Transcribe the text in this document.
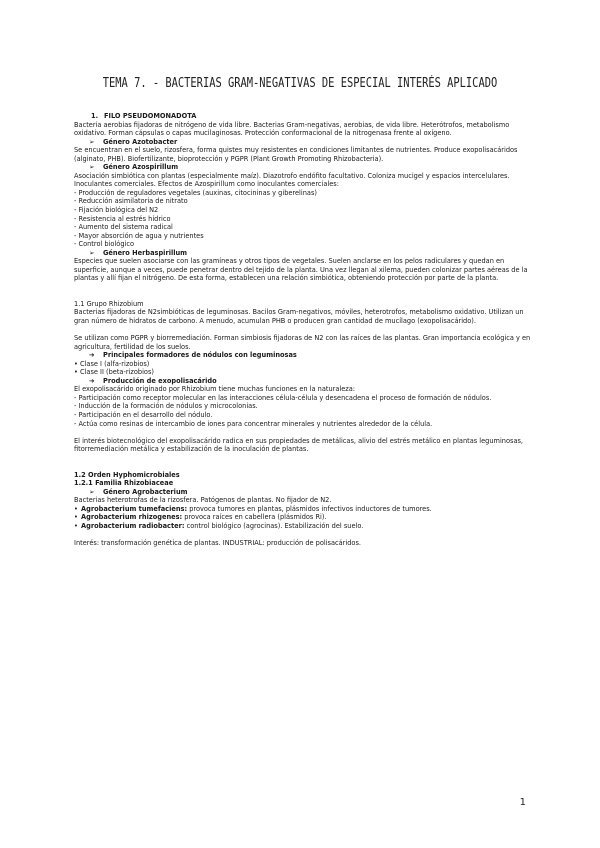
TEMA 7. - BACTERIAS GRAM-NEGATIVAS DE ESPECIAL INTERÉS APLICADO
1. FILO PSEUDOMONADOTA

Bacteria aerobias fijadoras de nitrógeno de vida libre. Bacterias Gram-negativas, aerobias, de vida libre. Heterótrofos, metabolismo oxidativo. Forman cápsulas o capas mucilaginosas. Protección conformacional de la nitrogenasa frente al oxígeno.

➢ Género Azotobacter

Se encuentran en el suelo, rizosfera, forma quistes muy resistentes en condiciones limitantes de nutrientes. Produce exopolisacáridos (alginato, PHB). Biofertilizante, bioprotección y PGPR (Plant Growth Promoting Rhizobacteria).

➢ Género Azospirillum

Asociación simbiótica con plantas (especialmente maíz). Diazotrofo endófito facultativo. Coloniza mucigel y espacios intercelulares. Inoculantes comerciales. Efectos de Azospirillum como inoculantes comerciales:

- Producción de reguladores vegetales (auxinas, citocininas y giberelinas)
- Reducción asimilatoria de nitrato
- Fijación biológica del N2
- Resistencia al estrés hídrico
- Aumento del sistema radical
- Mayor absorción de agua y nutrientes
- Control biológico
➢ Género Herbaspirillum

Especies que suelen asociarse con las gramíneas y otros tipos de vegetales. Suelen anclarse en los pelos radiculares y quedan en superficie, aunque a veces, puede penetrar dentro del tejido de la planta. Una vez llegan al xilema, pueden colonizar partes aéreas de la plantas y allí fijan el nitrógeno. De esta forma, establecen una relación simbiótica, obteniendo protección por parte de la planta.

1.1 Grupo Rhizobium

Bacterias fijadoras de N2simbióticas de leguminosas. Bacilos Gram-negativos, móviles, heterotrofos, metabolismo oxidativo. Utilizan un gran número de hidratos de carbono. A menudo, acumulan PHB o producen gran cantidad de mucílago (exopolisacárido).

Se utilizan como PGPR y biorremediación. Forman simbiosis fijadoras de N2 con las raíces de las plantas. Gran importancia ecológica y en agricultura, fertilidad de los suelos.

➔ Principales formadores de nódulos con leguminosas
• Clase I (alfa-rizobios)
• Clase II (beta-rizobios)
➔ Producción de exopolisacárido

El exopolisacárido originado por Rhizobium tiene muchas funciones en la naturaleza:

- Participación como receptor molecular en las interacciones célula-célula y desencadena el proceso de formación de nódulos.
- Inducción de la formación de nódulos y microcolonias.
- Participación en el desarrollo del nódulo.
- Actúa como resinas de intercambio de iones para concentrar minerales y nutrientes alrededor de la célula.

El interés biotecnológico del exopolisacárido radica en sus propiedades de metálicas, alivio del estrés metálico en plantas leguminosas, fitorremediación metálica y estabilización de la inoculación de plantas.

1.2 Orden Hyphomicrobiales
1.2.1 Familia Rhizobiaceae
➢ Género Agrobacterium

Bacterias heterotrofas de la rizosfera. Patógenos de plantas. No fijador de N2.

• Agrobacterium tumefaciens: provoca tumores en plantas, plásmidos infectivos inductores de tumores.
• Agrobacterium rhizogenes: provoca raíces en cabellera (plásmidos Ri).
• Agrobacterium radiobacter: control biológico (agrocinas). Estabilización del suelo.

Interés: transformación genética de plantas. INDUSTRIAL: producción de polisacáridos.

1
